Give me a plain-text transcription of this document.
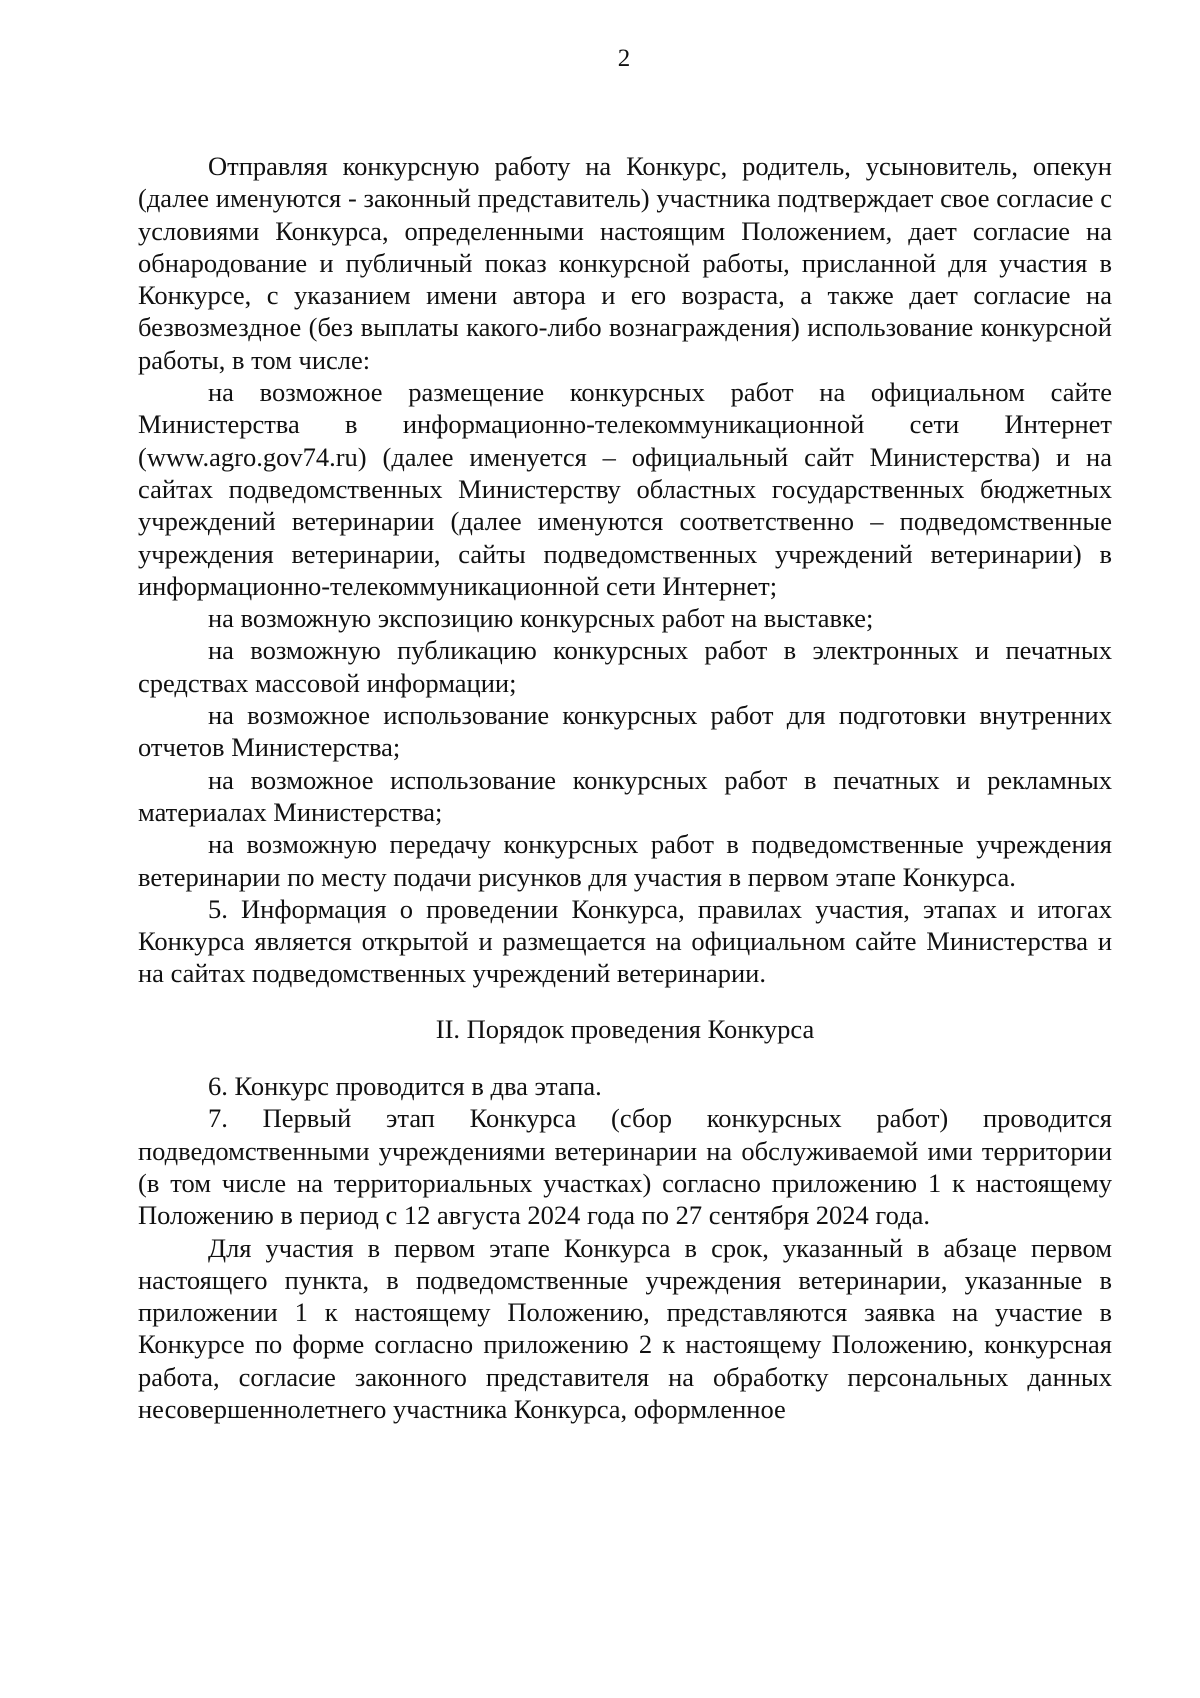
2

Отправляя конкурсную работу на Конкурс, родитель, усыновитель, опекун (далее именуются - законный представитель) участника подтверждает свое согласие с условиями Конкурса, определенными настоящим Положением, дает согласие на обнародование и публичный показ конкурсной работы, присланной для участия в Конкурсе, с указанием имени автора и его возраста, а также дает согласие на безвозмездное (без выплаты какого-либо вознаграждения) использование конкурсной работы, в том числе:

на возможное размещение конкурсных работ на официальном сайте Министерства в информационно-телекоммуникационной сети Интернет (www.agro.gov74.ru) (далее именуется – официальный сайт Министерства) и на сайтах подведомственных Министерству областных государственных бюджетных учреждений ветеринарии (далее именуются соответственно – подведомственные учреждения ветеринарии, сайты подведомственных учреждений ветеринарии) в информационно-телекоммуникационной сети Интернет;

на возможную экспозицию конкурсных работ на выставке;

на возможную публикацию конкурсных работ в электронных и печатных средствах массовой информации;

на возможное использование конкурсных работ для подготовки внутренних отчетов Министерства;

на возможное использование конкурсных работ в печатных и рекламных материалах Министерства;

на возможную передачу конкурсных работ в подведомственные учреждения ветеринарии по месту подачи рисунков для участия в первом этапе Конкурса.

5. Информация о проведении Конкурса, правилах участия, этапах и итогах Конкурса является открытой и размещается на официальном сайте Министерства и на сайтах подведомственных учреждений ветеринарии.

II. Порядок проведения Конкурса

6. Конкурс проводится в два этапа.

7. Первый этап Конкурса (сбор конкурсных работ) проводится подведомственными учреждениями ветеринарии на обслуживаемой ими территории (в том числе на территориальных участках) согласно приложению 1 к настоящему Положению в период с 12 августа 2024 года по 27 сентября 2024 года.

Для участия в первом этапе Конкурса в срок, указанный в абзаце первом настоящего пункта, в подведомственные учреждения ветеринарии, указанные в приложении 1 к настоящему Положению, представляются заявка на участие в Конкурсе по форме согласно приложению 2 к настоящему Положению, конкурсная работа, согласие законного представителя на обработку персональных данных несовершеннолетнего участника Конкурса, оформленное
